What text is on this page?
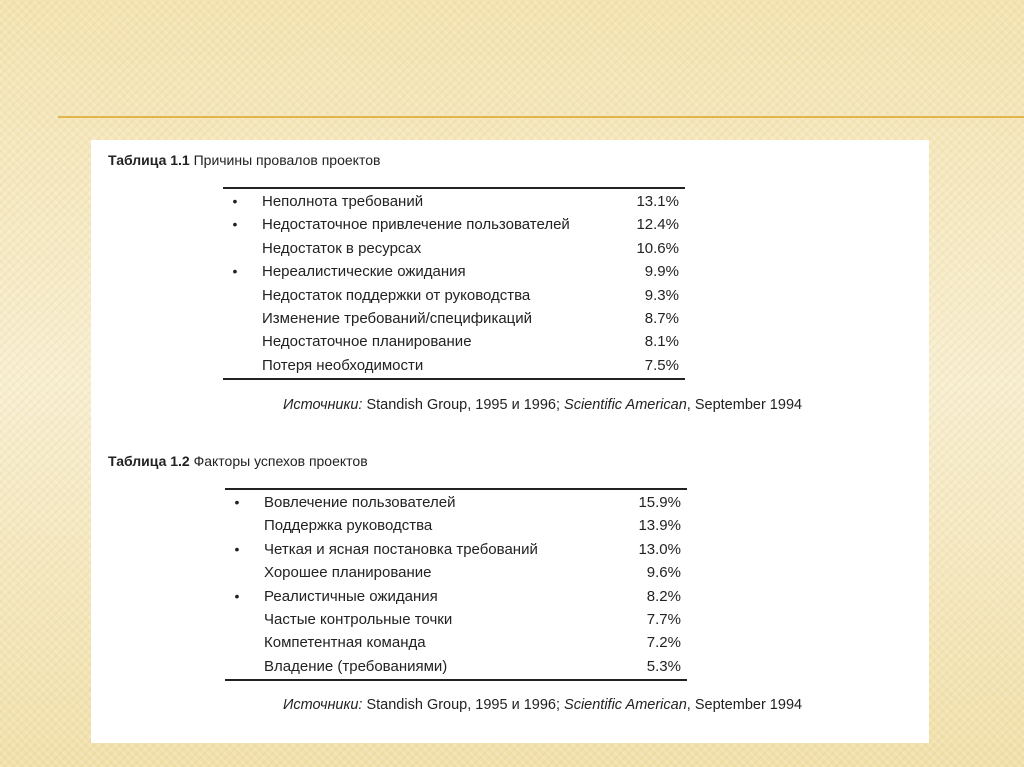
Таблица 1.1 Причины провалов проектов
• Неполнота требований	13.1%
• Недостаточное привлечение пользователей	12.4%
Недостаток в ресурсах	10.6%
• Нереалистические ожидания	9.9%
Недостаток поддержки от руководства	9.3%
Изменение требований/спецификаций	8.7%
Недостаточное планирование	8.1%
Потеря необходимости	7.5%
Источники: Standish Group, 1995 и 1996; Scientific American, September 1994
Таблица 1.2 Факторы успехов проектов
• Вовлечение пользователей	15.9%
Поддержка руководства	13.9%
• Четкая и ясная постановка требований	13.0%
Хорошее планирование	9.6%
• Реалистичные ожидания	8.2%
Частые контрольные точки	7.7%
Компетентная команда	7.2%
Владение (требованиями)	5.3%
Источники: Standish Group, 1995 и 1996; Scientific American, September 1994
